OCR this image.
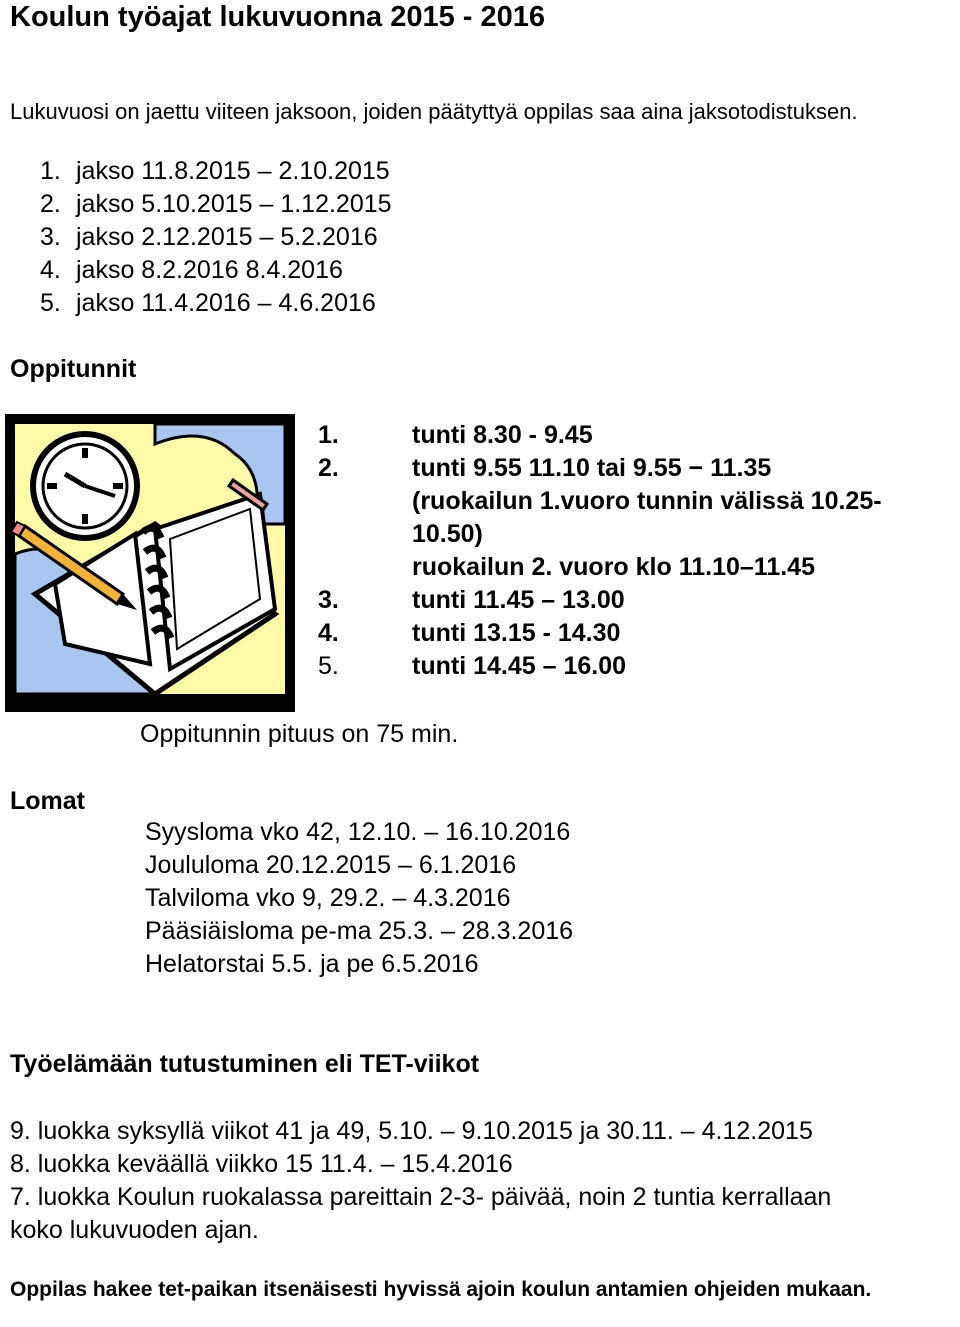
Koulun työajat lukuvuonna 2015 - 2016
Lukuvuosi on jaettu viiteen jaksoon, joiden päätyttyä oppilas saa aina jaksotodistuksen.
1. jakso 11.8.2015 – 2.10.2015
2. jakso 5.10.2015 – 1.12.2015
3. jakso 2.12.2015 – 5.2.2016
4. jakso 8.2.2016 8.4.2016
5. jakso 11.4.2016 – 4.6.2016
Oppitunnit
1.	tunti 8.30 - 9.45
2.	tunti 9.55 11.10 tai 9.55 − 11.35
(ruokailun 1.vuoro tunnin välissä 10.25-
10.50)
ruokailun 2. vuoro klo 11.10–11.45
3.	tunti 11.45 – 13.00
4.	tunti 13.15 - 14.30
5.	tunti 14.45 – 16.00
Oppitunnin pituus on 75 min.
Lomat
Syysloma vko 42, 12.10. – 16.10.2016
Joululoma 20.12.2015 – 6.1.2016
Talviloma vko 9, 29.2. – 4.3.2016
Pääsiäisloma pe-ma 25.3. – 28.3.2016
Helatorstai 5.5. ja pe 6.5.2016
Työelämään tutustuminen eli TET-viikot
9. luokka syksyllä viikot 41 ja 49, 5.10. – 9.10.2015 ja 30.11. – 4.12.2015
8. luokka keväällä viikko 15 11.4. – 15.4.2016
7. luokka Koulun ruokalassa pareittain 2-3- päivää, noin 2 tuntia kerrallaan
koko lukuvuoden ajan.
Oppilas hakee tet-paikan itsenäisesti hyvissä ajoin koulun antamien ohjeiden mukaan.
